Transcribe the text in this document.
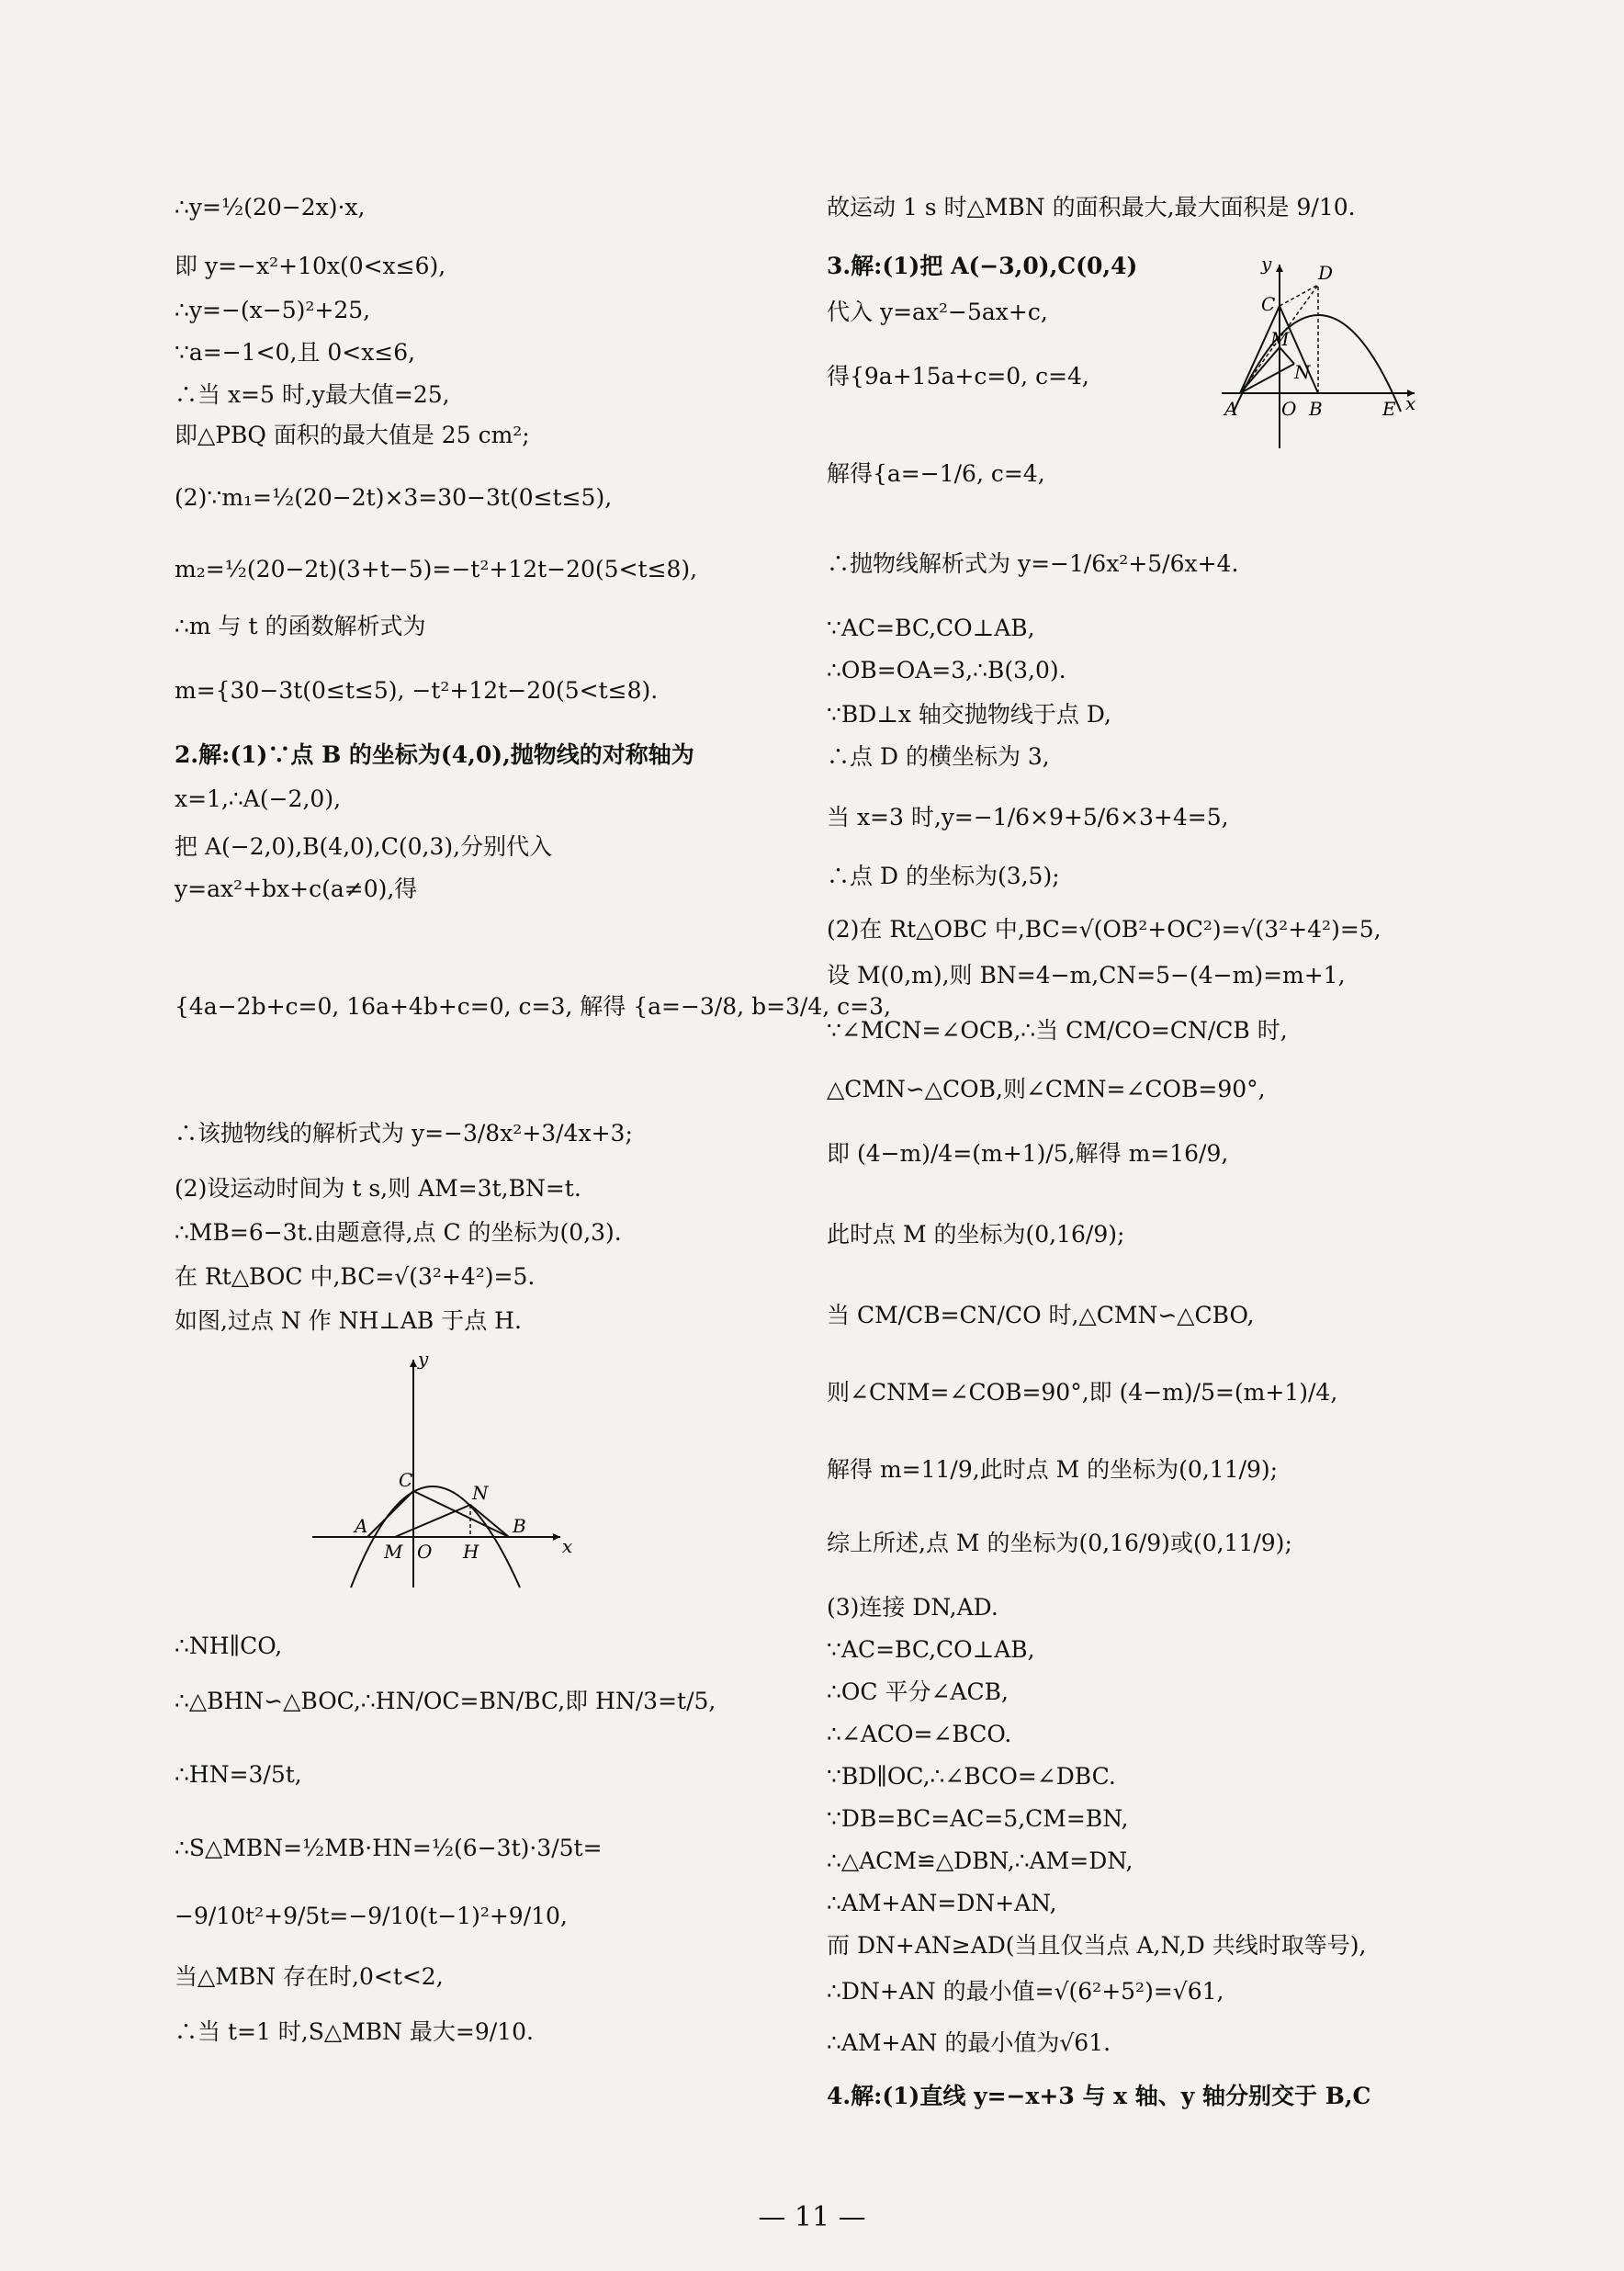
∴y=½(20−2x)·x,
即 y=−x²+10x(0<x≤6),
∴y=−(x−5)²+25,
∵a=−1<0,且 0<x≤6,
∴当 x=5 时,y最大值=25,
即△PBQ 面积的最大值是 25 cm²;
(2)∵m₁=½(20−2t)×3=30−3t(0≤t≤5),
m₂=½(20−2t)(3+t−5)=−t²+12t−20(5<t≤8),
∴m 与 t 的函数解析式为
m={30−3t(0≤t≤5), −t²+12t−20(5<t≤8).
2.解:(1)∵点 B 的坐标为(4,0),抛物线的对称轴为
x=1,∴A(−2,0),
把 A(−2,0),B(4,0),C(0,3),分别代入
y=ax²+bx+c(a≠0),得
{4a−2b+c=0, 16a+4b+c=0, c=3, 解得 {a=−3/8, b=3/4, c=3,
∴该抛物线的解析式为 y=−3/8x²+3/4x+3;
(2)设运动时间为 t s,则 AM=3t,BN=t.
∴MB=6−3t.由题意得,点 C 的坐标为(0,3).
在 Rt△BOC 中,BC=√(3²+4²)=5.
如图,过点 N 作 NH⊥AB 于点 H.
y
x
A
M O H
B
C
N
∴NH∥CO,
∴△BHN∽△BOC,∴HN/OC=BN/BC,即 HN/3=t/5,
∴HN=3/5t,
∴S△MBN=½MB·HN=½(6−3t)·3/5t=
−9/10t²+9/5t=−9/10(t−1)²+9/10,
当△MBN 存在时,0<t<2,
∴当 t=1 时,S△MBN 最大=9/10.
故运动 1 s 时△MBN 的面积最大,最大面积是 9/10.
3.解:(1)把 A(−3,0),C(0,4)
代入 y=ax²−5ax+c,
得{9a+15a+c=0, c=4,
解得{a=−1/6, c=4,
y
x
D
C
M
N
A O B	E
∴抛物线解析式为 y=−1/6x²+5/6x+4.
∵AC=BC,CO⊥AB,
∴OB=OA=3,∴B(3,0).
∵BD⊥x 轴交抛物线于点 D,
∴点 D 的横坐标为 3,
当 x=3 时,y=−1/6×9+5/6×3+4=5,
∴点 D 的坐标为(3,5);
(2)在 Rt△OBC 中,BC=√(OB²+OC²)=√(3²+4²)=5,
设 M(0,m),则 BN=4−m,CN=5−(4−m)=m+1,
∵∠MCN=∠OCB,∴当 CM/CO=CN/CB 时,
△CMN∽△COB,则∠CMN=∠COB=90°,
即 (4−m)/4=(m+1)/5,解得 m=16/9,
此时点 M 的坐标为(0,16/9);
当 CM/CB=CN/CO 时,△CMN∽△CBO,
则∠CNM=∠COB=90°,即 (4−m)/5=(m+1)/4,
解得 m=11/9,此时点 M 的坐标为(0,11/9);
综上所述,点 M 的坐标为(0,16/9)或(0,11/9);
(3)连接 DN,AD.
∵AC=BC,CO⊥AB,
∴OC 平分∠ACB,
∴∠ACO=∠BCO.
∵BD∥OC,∴∠BCO=∠DBC.
∵DB=BC=AC=5,CM=BN,
∴△ACM≌△DBN,∴AM=DN,
∴AM+AN=DN+AN,
而 DN+AN≥AD(当且仅当点 A,N,D 共线时取等号),
∴DN+AN 的最小值=√(6²+5²)=√61,
∴AM+AN 的最小值为√61.
4.解:(1)直线 y=−x+3 与 x 轴、y 轴分别交于 B,C
— 11 —
